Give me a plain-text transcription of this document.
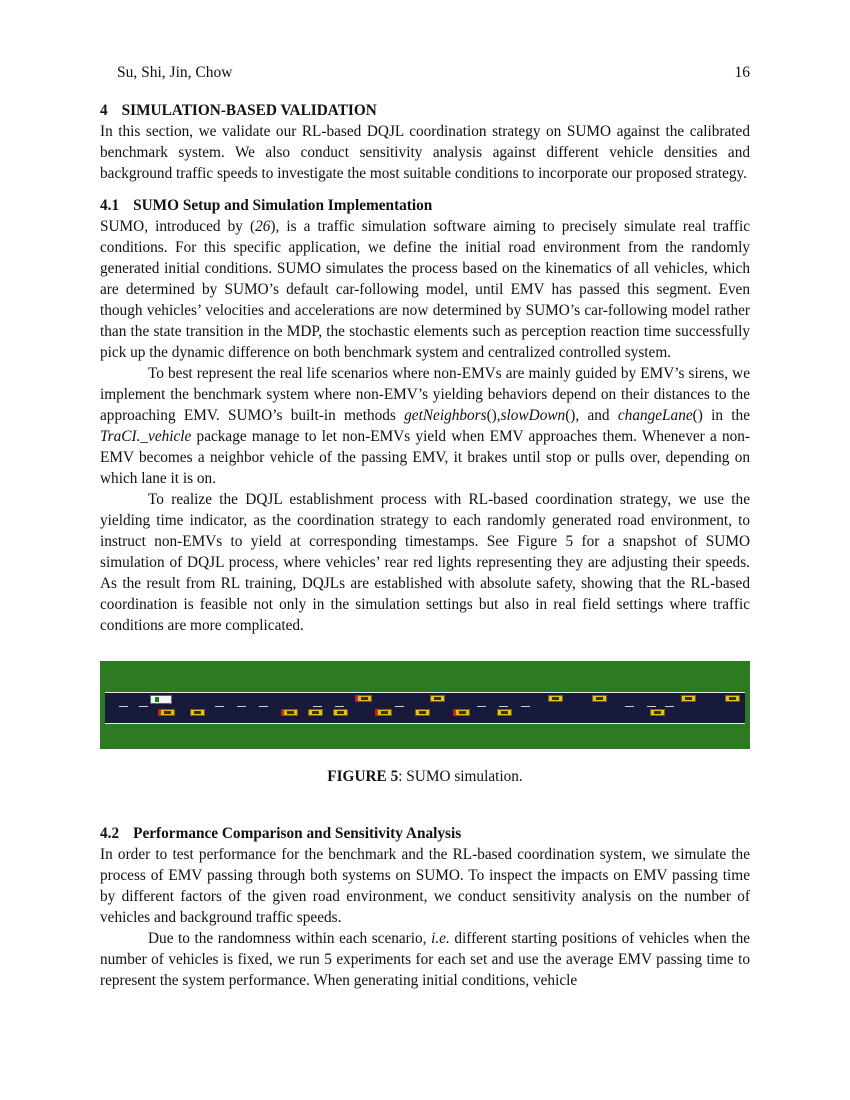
Su, Shi, Jin, Chow	16
4 SIMULATION-BASED VALIDATION

In this section, we validate our RL-based DQJL coordination strategy on SUMO against the calibrated benchmark system. We also conduct sensitivity analysis against different vehicle densities and background traffic speeds to investigate the most suitable conditions to incorporate our proposed strategy.

4.1 SUMO Setup and Simulation Implementation

SUMO, introduced by (26), is a traffic simulation software aiming to precisely simulate real traffic conditions. For this specific application, we define the initial road environment from the randomly generated initial conditions. SUMO simulates the process based on the kinematics of all vehicles, which are determined by SUMO’s default car-following model, until EMV has passed this segment. Even though vehicles’ velocities and accelerations are now determined by SUMO’s car-following model rather than the state transition in the MDP, the stochastic elements such as perception reaction time successfully pick up the dynamic difference on both benchmark system and centralized controlled system.

To best represent the real life scenarios where non-EMVs are mainly guided by EMV’s sirens, we implement the benchmark system where non-EMV’s yielding behaviors depend on their distances to the approaching EMV. SUMO’s built-in methods getNeighbors(),slowDown(), and changeLane() in the TraCI._vehicle package manage to let non-EMVs yield when EMV approaches them. Whenever a non-EMV becomes a neighbor vehicle of the passing EMV, it brakes until stop or pulls over, depending on which lane it is on.

To realize the DQJL establishment process with RL-based coordination strategy, we use the yielding time indicator, as the coordination strategy to each randomly generated road environment, to instruct non-EMVs to yield at corresponding timestamps. See Figure 5 for a snapshot of SUMO simulation of DQJL process, where vehicles’ rear red lights representing they are adjusting their speeds. As the result from RL training, DQJLs are established with absolute safety, showing that the RL-based coordination is feasible not only in the simulation settings but also in real field settings where traffic conditions are more complicated.

FIGURE 5: SUMO simulation.
4.2 Performance Comparison and Sensitivity Analysis

In order to test performance for the benchmark and the RL-based coordination system, we simulate the process of EMV passing through both systems on SUMO. To inspect the impacts on EMV passing time by different factors of the given road environment, we conduct sensitivity analysis on the number of vehicles and background traffic speeds.

Due to the randomness within each scenario, i.e. different starting positions of vehicles when the number of vehicles is fixed, we run 5 experiments for each set and use the average EMV passing time to represent the system performance. When generating initial conditions, vehicle
